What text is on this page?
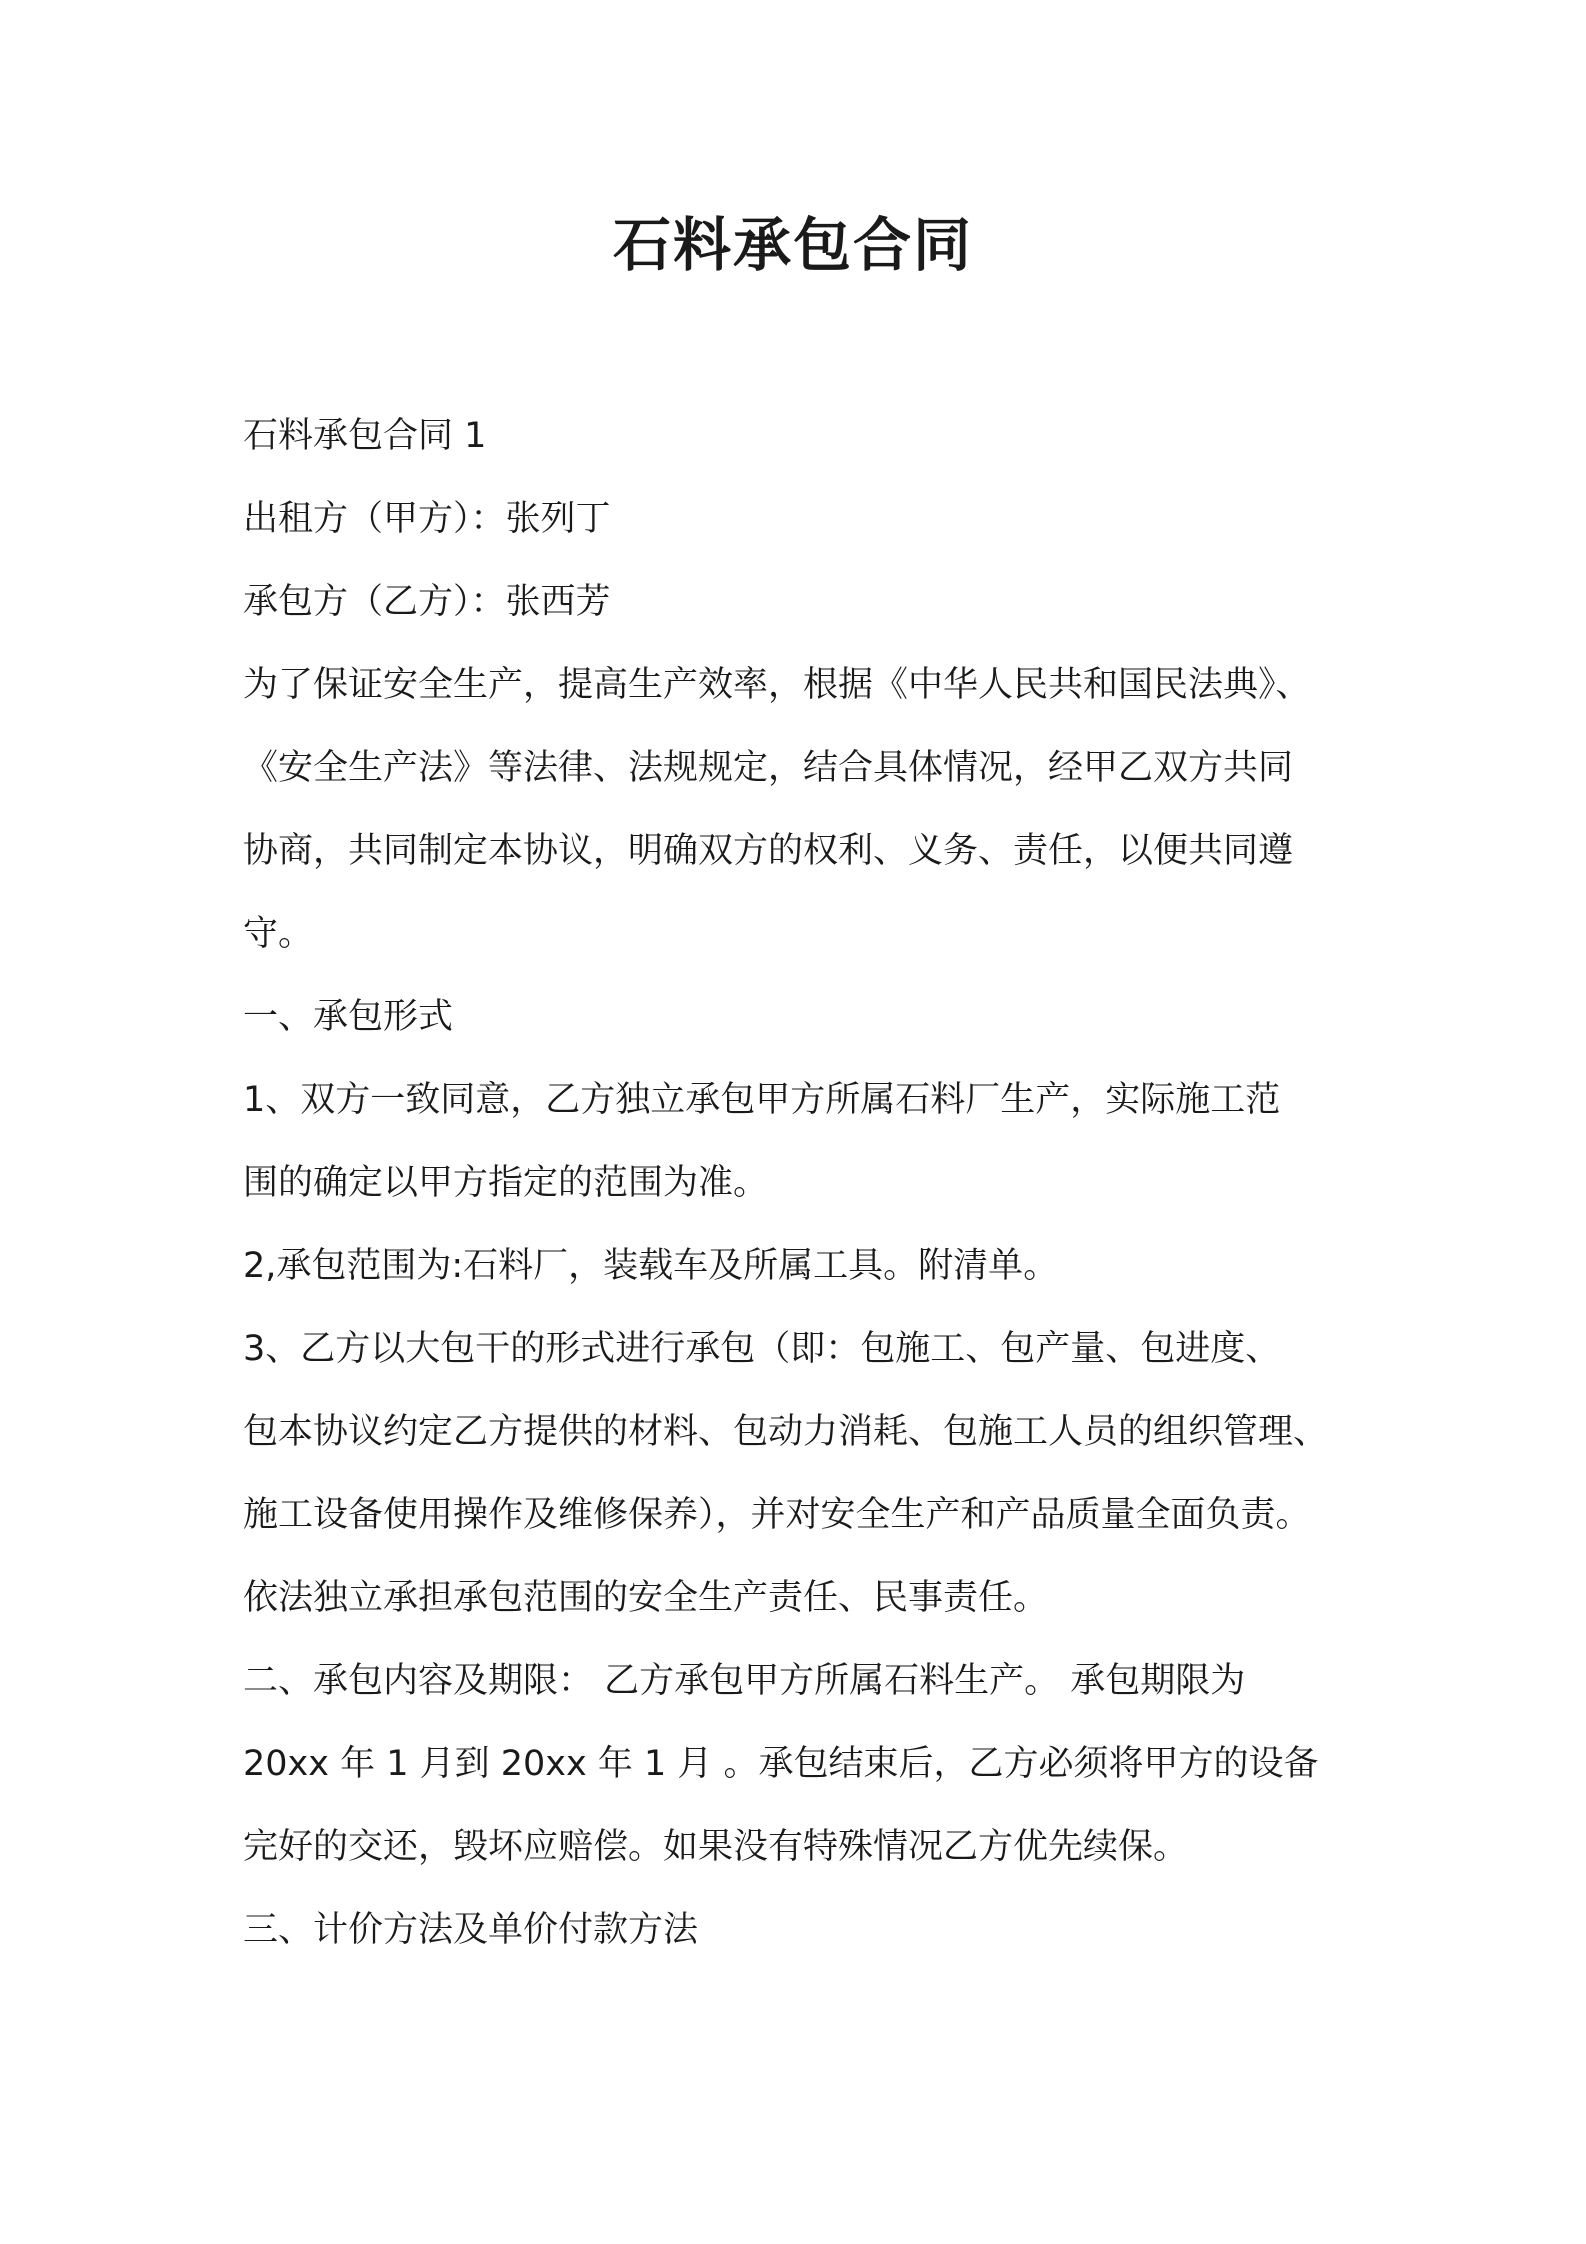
石料承包合同

石料承包合同 1

出租方（甲方）：张列丁

承包方（乙方）：张西芳

为了保证安全生产，提高生产效率，根据《中华人民共和国民法典》、

《安全生产法》等法律、法规规定，结合具体情况，经甲乙双方共同

协商，共同制定本协议，明确双方的权利、义务、责任，以便共同遵

守。

一、承包形式

1、双方一致同意，乙方独立承包甲方所属石料厂生产，实际施工范

围的确定以甲方指定的范围为准。

2,承包范围为:石料厂，装载车及所属工具。附清单。

3、乙方以大包干的形式进行承包（即：包施工、包产量、包进度、

包本协议约定乙方提供的材料、包动力消耗、包施工人员的组织管理、

施工设备使用操作及维修保养），并对安全生产和产品质量全面负责。

依法独立承担承包范围的安全生产责任、民事责任。

二、承包内容及期限： 乙方承包甲方所属石料生产。 承包期限为

20xx 年 1 月到 20xx 年 1 月 。承包结束后，乙方必须将甲方的设备

完好的交还，毁坏应赔偿。如果没有特殊情况乙方优先续保。

三、计价方法及单价付款方法
